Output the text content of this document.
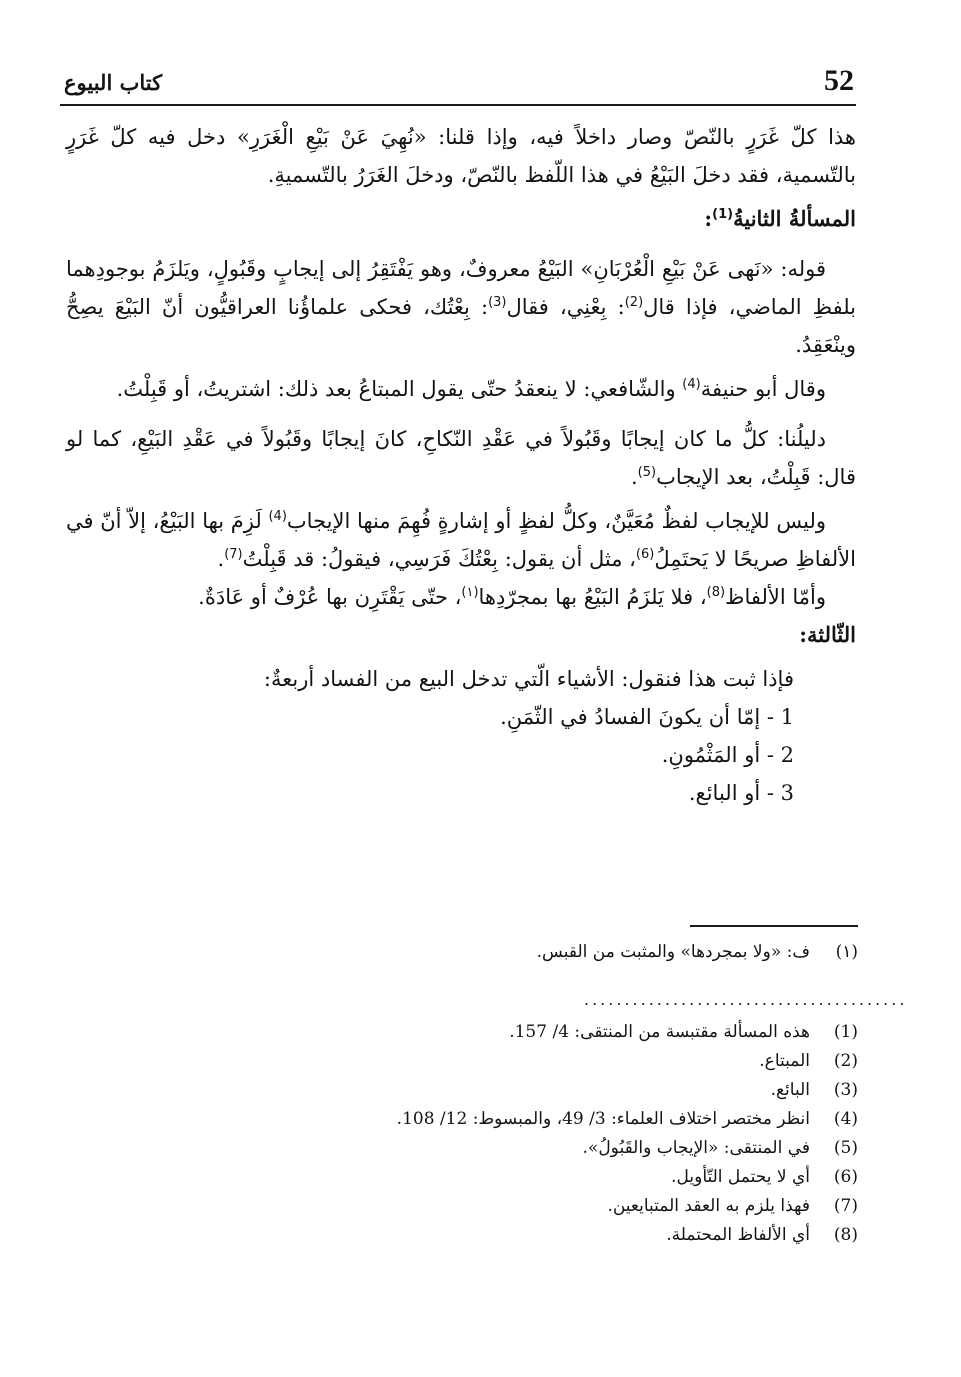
52
كتاب البيوع

هذا كلّ غَرَرٍ بالنّصّ وصار داخلاً فيه، وإذا قلنا: «نُهِيَ عَنْ بَيْعِ الْغَرَرِ» دخل فيه كلّ غَرَرٍ بالتّسمية، فقد دخلَ البَيْعُ في هذا اللّفظ بالنّصّ، ودخلَ الغَرَرُ بالتّسميةِ.

المسألةُ الثانيةُ$^{(1)}$:

قوله: «نَهى عَنْ بَيْعِ الْعُرْبَانِ» البَيْعُ معروفٌ، وهو يَفْتَقِرُ إلى إيجابٍ وقَبُولٍ، ويَلزَمُ بوجودِهما بلفظِ الماضي، فإذا قال$^{(2)}$: بِعْنِي، فقال$^{(3)}$: بِعْتُك، فحكى علماؤُنا العراقيُّون أنّ البَيْعَ يصِحُّ وينْعَقِدُ.

وقال أبو حنيفة$^{(4)}$ والشّافعي: لا ينعقدُ حتّى يقول المبتاعُ بعد ذلك: اشتريتُ، أو قَبِلْتُ.

دليلُنا: كلُّ ما كان إيجابًا وقَبُولاً في عَقْدِ النّكاحِ، كانَ إيجابًا وقَبُولاً في عَقْدِ البَيْعِ، كما لو قال: قَبِلْتُ، بعد الإيجاب$^{(5)}$.

وليس للإيجاب لفظٌ مُعَيَّنٌ، وكلُّ لفظٍ أو إشارةٍ فُهِمَ منها الإيجاب$^{(4)}$ لَزِمَ بها البَيْعُ، إلاّ أنّ في الألفاظِ صريحًا لا يَحتَمِلُ$^{(6)}$، مثل أن يقول: بِعْتُكَ فَرَسِي، فيقولُ: قد قَبِلْتُ$^{(7)}$.

وأمّا الألفاظ$^{(8)}$، فلا يَلزَمُ البَيْعُ بها بمجرّدِها$^{(١)}$، حتّى يَقْتَرِن بها عُرْفٌ أو عَادَةٌ.

الثّالثة:

فإذا ثبت هذا فنقول: الأشياء الّتي تدخل البيع من الفساد أربعةٌ:

1 - إمّا أن يكونَ الفسادُ في الثّمَنِ.

2 - أو المَثْمُونِ.

3 - أو البائع.

(١)
ف: «ولا بمجردها» والمثبت من القبس.
........................................
(1)
هذه المسألة مقتبسة من المنتقى: 4/ 157.
(2)
المبتاع.
(3)
البائع.
(4)
انظر مختصر اختلاف العلماء: 3/ 49، والمبسوط: 12/ 108.
(5)
في المنتقى: «الإيجاب والقَبُولُ».
(6)
أي لا يحتمل التّأويل.
(7)
فهذا يلزم به العقد المتبايعين.
(8)
أي الألفاظ المحتملة.
